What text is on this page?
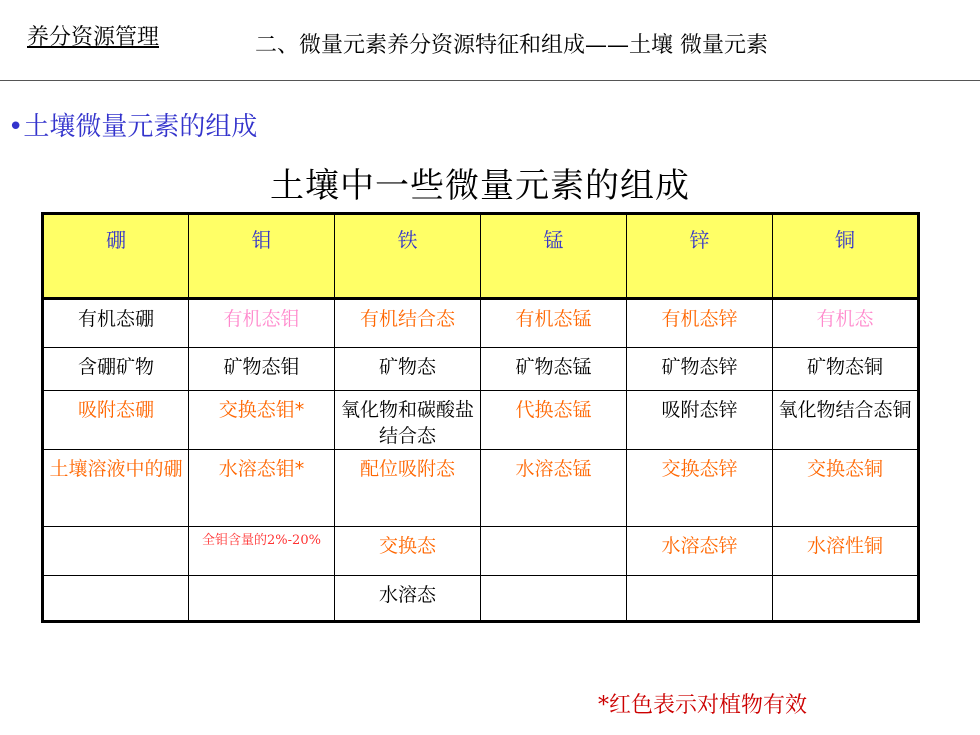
养分资源管理	二、微量元素养分资源特征和组成——土壤 微量元素
•土壤微量元素的组成
土壤中一些微量元素的组成
硼	钼	铁	锰	锌	铜
有机态硼	有机态钼	有机结合态	有机态锰	有机态锌	有机态
含硼矿物	矿物态钼	矿物态	矿物态锰	矿物态锌	矿物态铜
吸附态硼	交换态钼*	氧化物和碳酸盐结合态	代换态锰	吸附态锌	氧化物结合态铜
土壤溶液中的硼	水溶态钼*	配位吸附态	水溶态锰	交换态锌	交换态铜
	全钼含量的2%-20%	交换态		水溶态锌	水溶性铜
		水溶态			
*红色表示对植物有效
